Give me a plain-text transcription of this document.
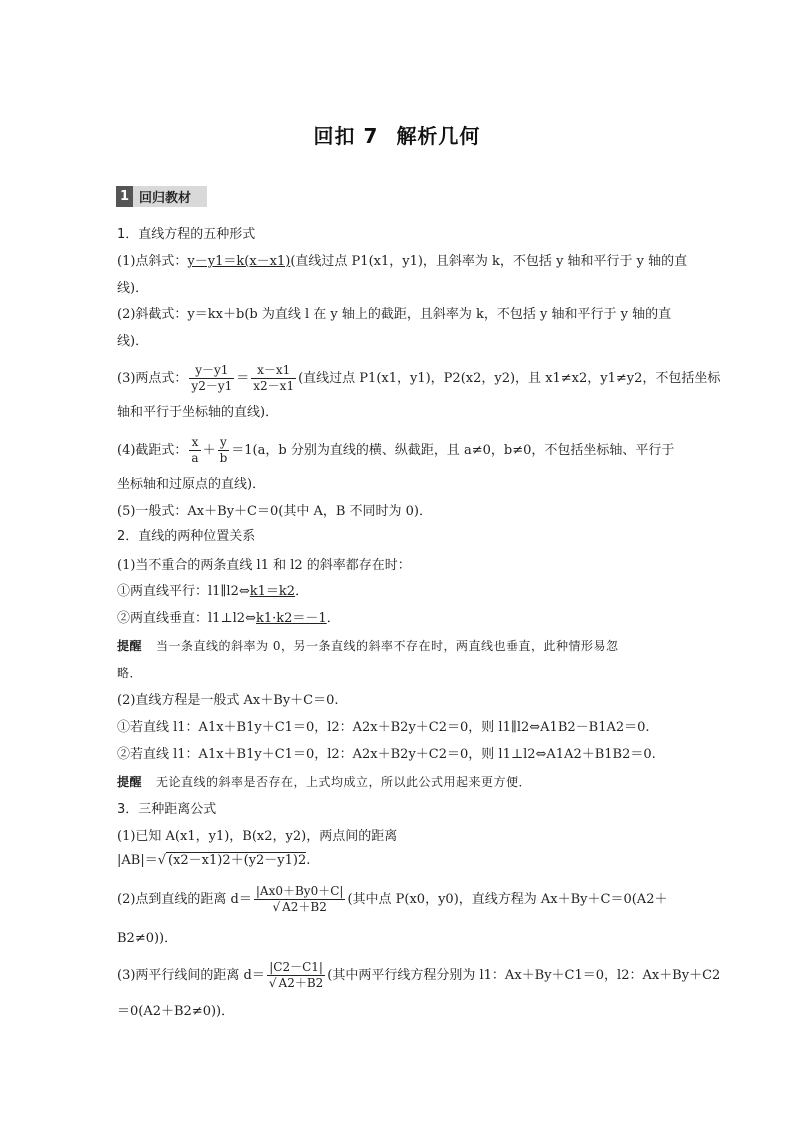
回扣 7 解析几何
1 回归教材
1．直线方程的五种形式
(1)点斜式：y－y1＝k(x－x1)(直线过点 P1(x1，y1)，且斜率为 k，不包括 y 轴和平行于 y 轴的直
线)．
(2)斜截式：y＝kx＋b(b 为直线 l 在 y 轴上的截距，且斜率为 k，不包括 y 轴和平行于 y 轴的直
线)．
(3)两点式： $\frac{y-y1}{y2-y1} = \frac{x-x1}{x2-x1}$ (直线过点 P1(x1，y1)，P2(x2，y2)，且 x1≠x2，y1≠y2，不包括坐标
轴和平行于坐标轴的直线)．
(4)截距式： $\frac{x}{a} + \frac{y}{b} =1(a$，b 分别为直线的横、纵截距，且 a≠0，b≠0，不包括坐标轴、平行于
坐标轴和过原点的直线)．
(5)一般式：Ax＋By＋C＝0(其中 A，B 不同时为 0)．
2．直线的两种位置关系
(1)当不重合的两条直线 l1 和 l2 的斜率都存在时：
①两直线平行：l1∥l2⇔k1＝k2．
②两直线垂直：l1⊥l2⇔k1·k2＝－1．
提醒 当一条直线的斜率为 0，另一条直线的斜率不存在时，两直线也垂直，此种情形易忽
略．
(2)直线方程是一般式 Ax＋By＋C＝0.
①若直线 l1：A1x＋B1y＋C1＝0，l2：A2x＋B2y＋C2＝0，则 l1∥l2⇔A1B2－B1A2＝0.
②若直线 l1：A1x＋B1y＋C1＝0，l2：A2x＋B2y＋C2＝0，则 l1⊥l2⇔A1A2＋B1B2＝0.
提醒 无论直线的斜率是否存在，上式均成立，所以此公式用起来更方便．
3．三种距离公式
(1)已知 A(x1，y1)，B(x2，y2)，两点间的距离
|AB|＝√ (x2－x1)2＋(y2－y1)2.
(2)点到直线的距离 $d= \frac{|Ax0+By0+C|}{√ A2+B2}$ (其中点 P(x0，y0)，直线方程为 Ax＋By＋C＝0(A2＋
B2≠0))．
(3)两平行线间的距离 $d= \frac{|C2-C1|}{√ A2+B2}$ (其中两平行线方程分别为 l1：Ax＋By＋C1＝0，l2：Ax＋By＋C2
＝0(A2＋B2≠0))．
